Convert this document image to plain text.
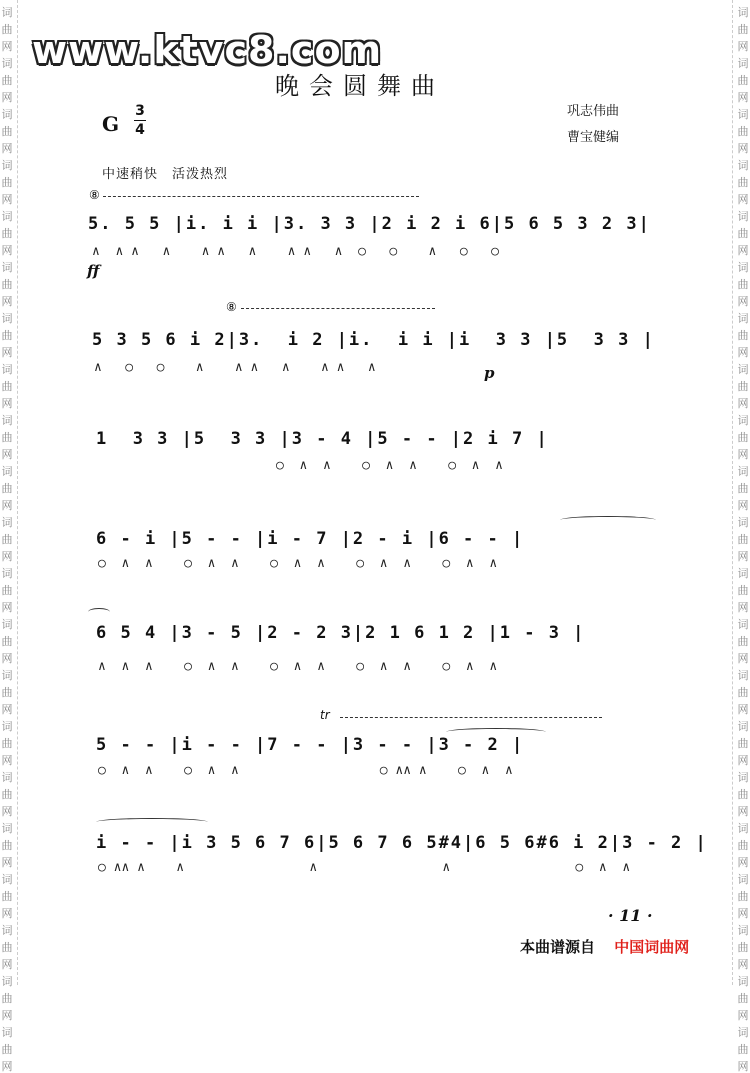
词
曲
网
词
曲
网
词
曲
网
词
曲
网
词
曲
网
词
曲
网
词
曲
网
词
曲
网
词
曲
网
词
曲
网
词
曲
网
词
曲
网
词
曲
网
词
曲
网
词
曲
网
词
曲
网
词
曲
网
词
曲
网
词
曲
网
词
曲
网
词
曲
网
词
曲
网
词
曲
网
词
曲
网
词
曲
网
词
曲
网
词
曲
网
词
曲
网
词
曲
网
词
曲
网
词
曲
网
词
曲
网
词
曲
网
词
曲
网
词
曲
网
词
曲
网
词
曲
网
词
曲
网
词
曲
网
词
曲
网
词
曲
网
词
曲
网
www.ktvc8.com
晚会圆舞曲
G
3
4
巩志伟曲
曹宝健编
中速稍快　活泼热烈
⑧
5. 5 5 |i. i i |3. 3 3 |2 i 2 i 6|5 6 5 3 2 3|
∧  ∧ ∧   ∧    ∧ ∧   ∧    ∧ ∧   ∧  ○   ○    ∧   ○   ○
ff
⑧
5 3 5 6 i 2|3.  i 2 |i.  i i |i  3 3 |5  3 3 |
∧   ○   ○    ∧    ∧ ∧   ∧    ∧ ∧   ∧	p
1  3 3 |5  3 3 |3 - 4 |5 - - |2 i 7 |
○  ∧  ∧    ○  ∧  ∧    ○  ∧  ∧
6 - i |5 - - |i - 7 |2 - i |6 - - |
○  ∧  ∧    ○  ∧  ∧    ○  ∧  ∧    ○  ∧  ∧    ○  ∧  ∧
6 5 4 |3 - 5 |2 - 2 3|2 1 6 1 2 |1 - 3 |
∧  ∧  ∧    ○  ∧  ∧    ○  ∧  ∧    ○  ∧  ∧    ○  ∧  ∧
tr
5 - - |i - - |7 - - |3 - - |3 - 2 |
○  ∧  ∧    ○  ∧  ∧                  ○ ∧∧ ∧    ○  ∧  ∧
i - - |i 3 5 6 7 6|5 6 7 6 5#4|6 5 6#6 i 2|3 - 2 |
○ ∧∧ ∧    ∧                ∧                ∧                ○  ∧  ∧
· 11 ·
本曲谱源自 中国词曲网
